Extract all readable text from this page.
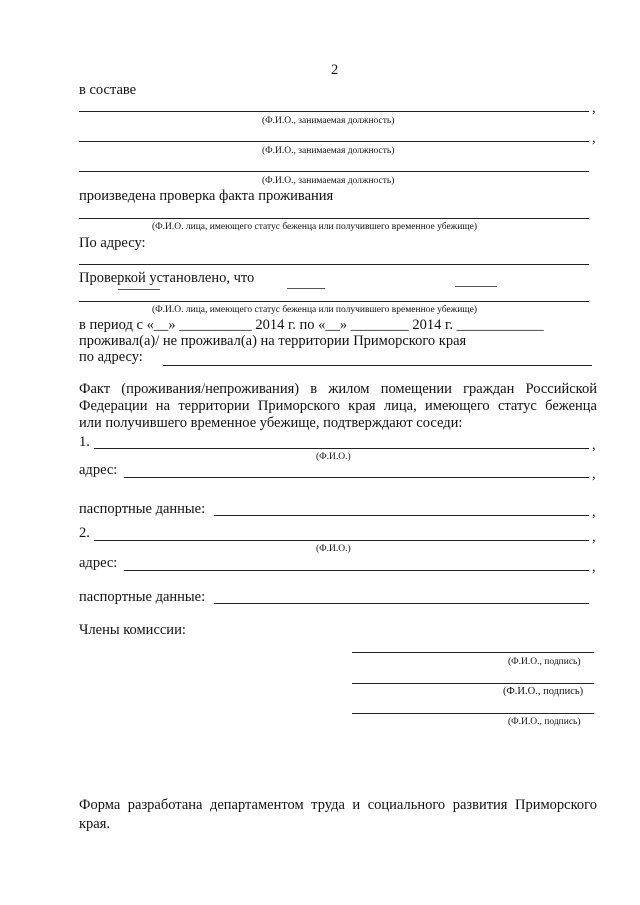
2
в составе
,
(Ф.И.О., занимаемая должность)
,
(Ф.И.О., занимаемая должность)
(Ф.И.О., занимаемая должность)
произведена проверка факта проживания
(Ф.И.О. лица, имеющего статус беженца или получившего временное убежище)
По адресу:
Проверкой установлено, что
(Ф.И.О. лица, имеющего статус беженца или получившего временное убежище)
в период с «__» __________ 2014 г. по «__» ________ 2014 г. ____________
проживал(а)/ не проживал(а) на территории Приморского края
по адресу:
Факт (проживания/непроживания) в жилом помещении граждан Российской
Федерации на территории Приморского края лица, имеющего статус беженца
или получившего временное убежище, подтверждают соседи:
1.	,
(Ф.И.О.)
адрес:	,
паспортные данные:	,
2.	,
(Ф.И.О.)
адрес:	,
паспортные данные:
Члены комиссии:
(Ф.И.О., подпись)
(Ф.И.О., подпись)
(Ф.И.О., подпись)
Форма разработана департаментом труда и социального развития Приморского
края.
